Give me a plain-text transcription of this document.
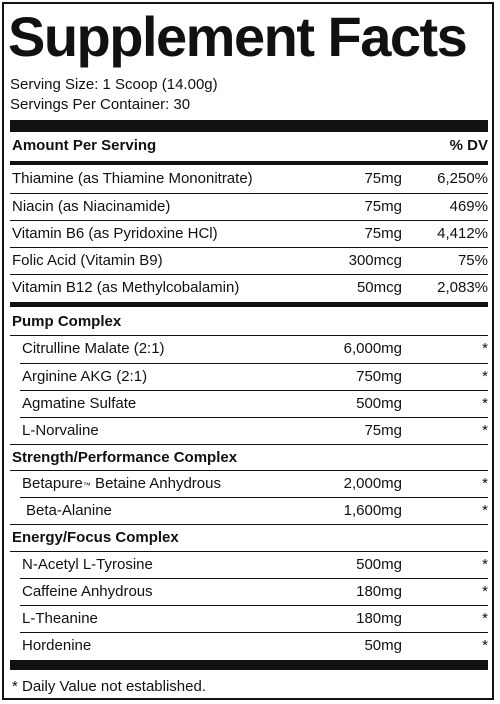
Supplement Facts
Serving Size: 1 Scoop (14.00g)
Servings Per Container: 30
Amount Per Serving	% DV
Thiamine (as Thiamine Mononitrate)	75mg 6,250%
Niacin (as Niacinamide)	75mg	469%
Vitamin B6 (as Pyridoxine HCl)	75mg 4,412%
Folic Acid (Vitamin B9)	300mcg	75%
Vitamin B12 (as Methylcobalamin)	50mcg 2,083%
Pump Complex
Citrulline Malate (2:1)	6,000mg	*
Arginine AKG (2:1)	750mg	*
Agmatine Sulfate	500mg	*
L-Norvaline	75mg	*
Strength/Performance Complex
Betapure™ Betaine Anhydrous	2,000mg	*
Beta-Alanine	1,600mg	*
Energy/Focus Complex
N-Acetyl L-Tyrosine	500mg	*
Caffeine Anhydrous	180mg	*
L-Theanine	180mg	*
Hordenine	50mg	*
* Daily Value not established.
